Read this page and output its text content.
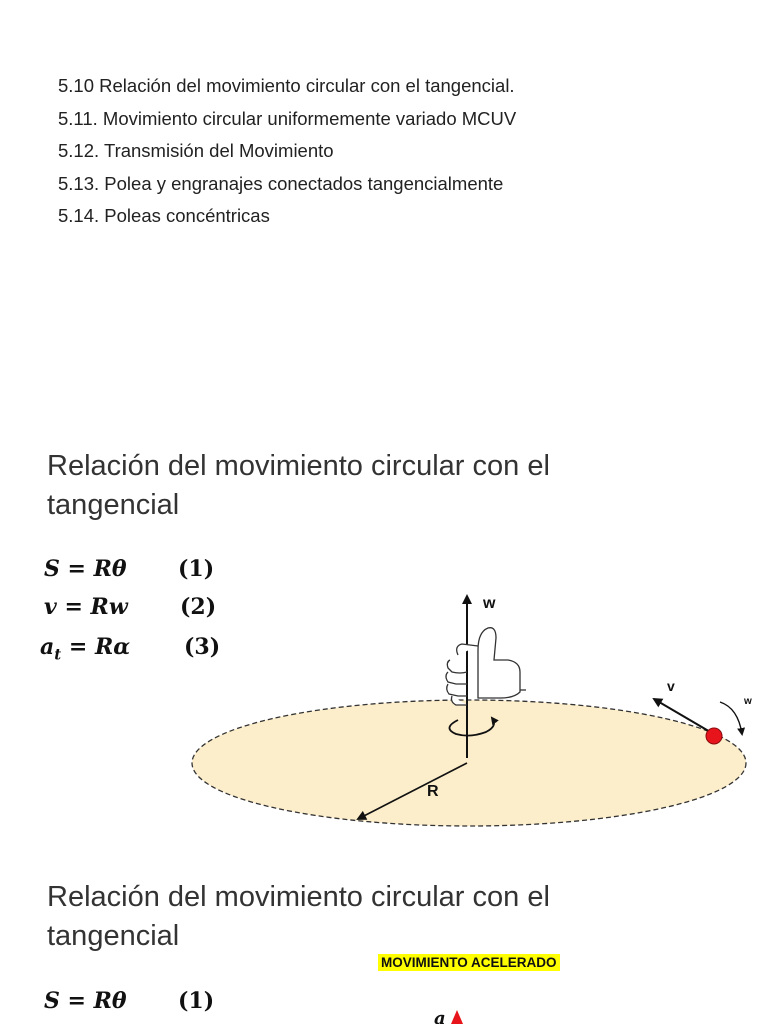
5.10 Relación del movimiento circular con el tangencial.
5.11. Movimiento circular uniformemente variado MCUV
5.12. Transmisión del Movimiento
5.13. Polea y engranajes conectados tangencialmente
5.14. Poleas concéntricas
Relación del movimiento circular con el tangencial
S = Rθ (1)
v = Rw (2)
$a_t = R\alpha$ (3)
w
v
w
R
a
Relación del movimiento circular con el tangencial
MOVIMIENTO ACELERADO
S = Rθ (1)
